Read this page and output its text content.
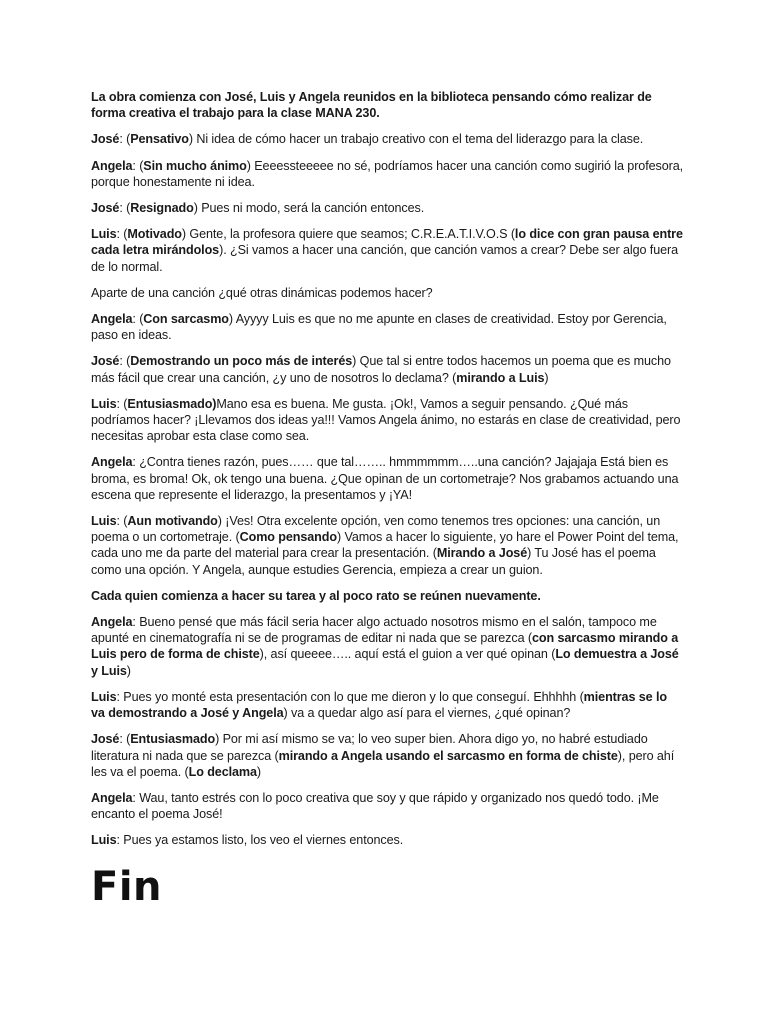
La obra comienza con José, Luis y Angela reunidos en la biblioteca pensando cómo realizar de forma creativa el trabajo para la clase MANA 230.

José: (Pensativo) Ni idea de cómo hacer un trabajo creativo con el tema del liderazgo para la clase.

Angela: (Sin mucho ánimo) Eeeessteeeee no sé, podríamos hacer una canción como sugirió la profesora, porque honestamente ni idea.

José: (Resignado) Pues ni modo, será la canción entonces.

Luis: (Motivado) Gente, la profesora quiere que seamos; C.R.E.A.T.I.V.O.S (lo dice con gran pausa entre cada letra mirándolos). ¿Si vamos a hacer una canción, que canción vamos a crear? Debe ser algo fuera de lo normal.

Aparte de una canción ¿qué otras dinámicas podemos hacer?

Angela: (Con sarcasmo) Ayyyy Luis es que no me apunte en clases de creatividad. Estoy por Gerencia, paso en ideas.

José: (Demostrando un poco más de interés) Que tal si entre todos hacemos un poema que es mucho más fácil que crear una canción, ¿y uno de nosotros lo declama? (mirando a Luis)

Luis: (Entusiasmado)Mano esa es buena. Me gusta. ¡Ok!, Vamos a seguir pensando. ¿Qué más podríamos hacer? ¡Llevamos dos ideas ya!!! Vamos Angela ánimo, no estarás en clase de creatividad, pero necesitas aprobar esta clase como sea.

Angela: ¿Contra tienes razón, pues…… que tal…….. hmmmmmm…..una canción? Jajajaja Está bien es broma, es broma! Ok, ok tengo una buena. ¿Que opinan de un cortometraje? Nos grabamos actuando una escena que represente el liderazgo, la presentamos y ¡YA!

Luis: (Aun motivando) ¡Ves! Otra excelente opción, ven como tenemos tres opciones: una canción, un poema o un cortometraje. (Como pensando) Vamos a hacer lo siguiente, yo hare el Power Point del tema, cada uno me da parte del material para crear la presentación. (Mirando a José) Tu José has el poema como una opción. Y Angela, aunque estudies Gerencia, empieza a crear un guion.

Cada quien comienza a hacer su tarea y al poco rato se reúnen nuevamente.

Angela: Bueno pensé que más fácil seria hacer algo actuado nosotros mismo en el salón, tampoco me apunté en cinematografía ni se de programas de editar ni nada que se parezca (con sarcasmo mirando a Luis pero de forma de chiste), así queeee….. aquí está el guion a ver qué opinan (Lo demuestra a José y Luis)

Luis: Pues yo monté esta presentación con lo que me dieron y lo que conseguí. Ehhhhh (mientras se lo va demostrando a José y Angela) va a quedar algo así para el viernes, ¿qué opinan?

José: (Entusiasmado) Por mi así mismo se va; lo veo super bien. Ahora digo yo, no habré estudiado literatura ni nada que se parezca (mirando a Angela usando el sarcasmo en forma de chiste), pero ahí les va el poema. (Lo declama)

Angela: Wau, tanto estrés con lo poco creativa que soy y que rápido y organizado nos quedó todo. ¡Me encanto el poema José!

Luis: Pues ya estamos listo, los veo el viernes entonces.

Fin
